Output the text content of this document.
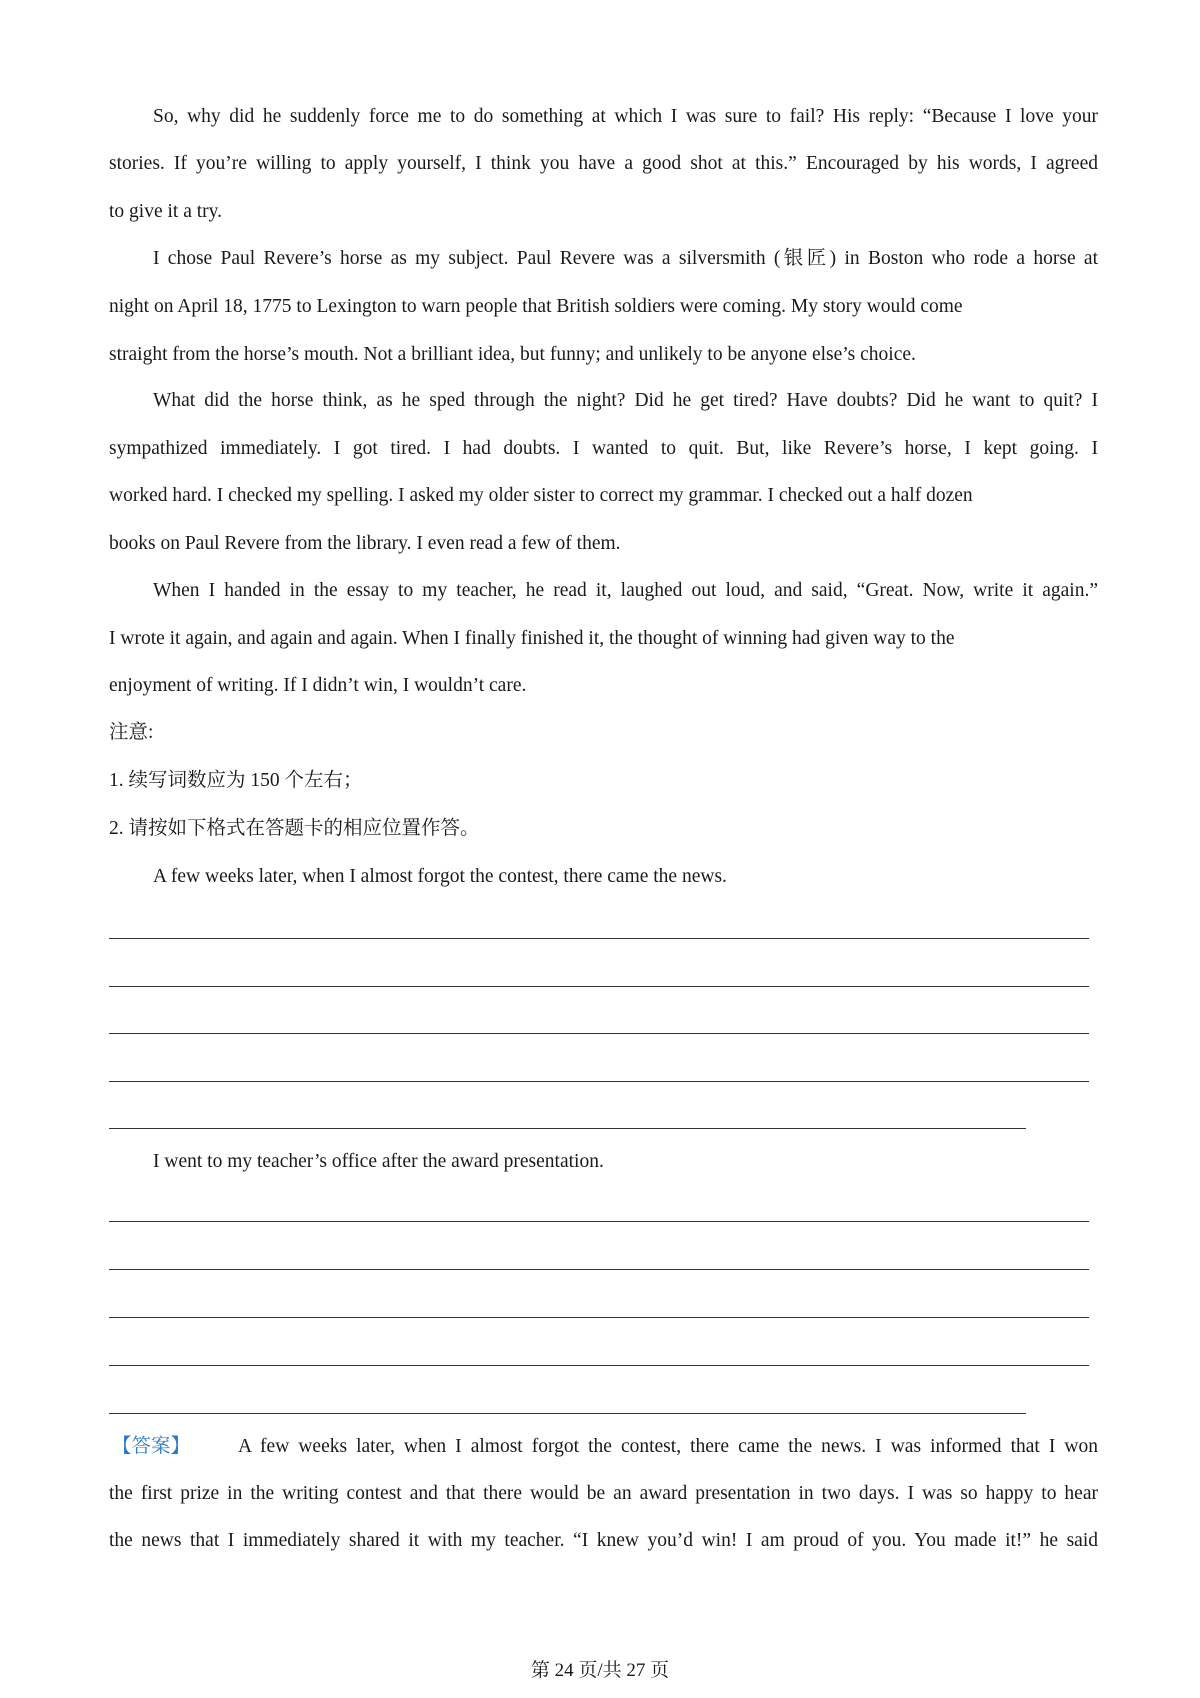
So, why did he suddenly force me to do something at which I was sure to fail? His reply: “Because I love your
stories. If you’re willing to apply yourself, I think you have a good shot at this.” Encouraged by his words, I agreed
to give it a try.
I chose Paul Revere’s horse as my subject. Paul Revere was a silversmith (银匠) in Boston who rode a horse at
night on April 18, 1775 to Lexington to warn people that British soldiers were coming. My story would come
straight from the horse’s mouth. Not a brilliant idea, but funny; and unlikely to be anyone else’s choice.
What did the horse think, as he sped through the night? Did he get tired? Have doubts? Did he want to quit? I
sympathized immediately. I got tired. I had doubts. I wanted to quit. But, like Revere’s horse, I kept going. I
worked hard. I checked my spelling. I asked my older sister to correct my grammar. I checked out a half dozen
books on Paul Revere from the library. I even read a few of them.
When I handed in the essay to my teacher, he read it, laughed out loud, and said, “Great. Now, write it again.”
I wrote it again, and again and again. When I finally finished it, the thought of winning had given way to the
enjoyment of writing. If I didn’t win, I wouldn’t care.
注意:
1. 续写词数应为 150 个左右；
2. 请按如下格式在答题卡的相应位置作答。
A few weeks later, when I almost forgot the contest, there came the news.
I went to my teacher’s office after the award presentation.
【答案】 A few weeks later, when I almost forgot the contest, there came the news. I was informed that I won
the first prize in the writing contest and that there would be an award presentation in two days. I was so happy to hear
the news that I immediately shared it with my teacher. “I knew you’d win! I am proud of you. You made it!” he said
第 24 页/共 27 页
